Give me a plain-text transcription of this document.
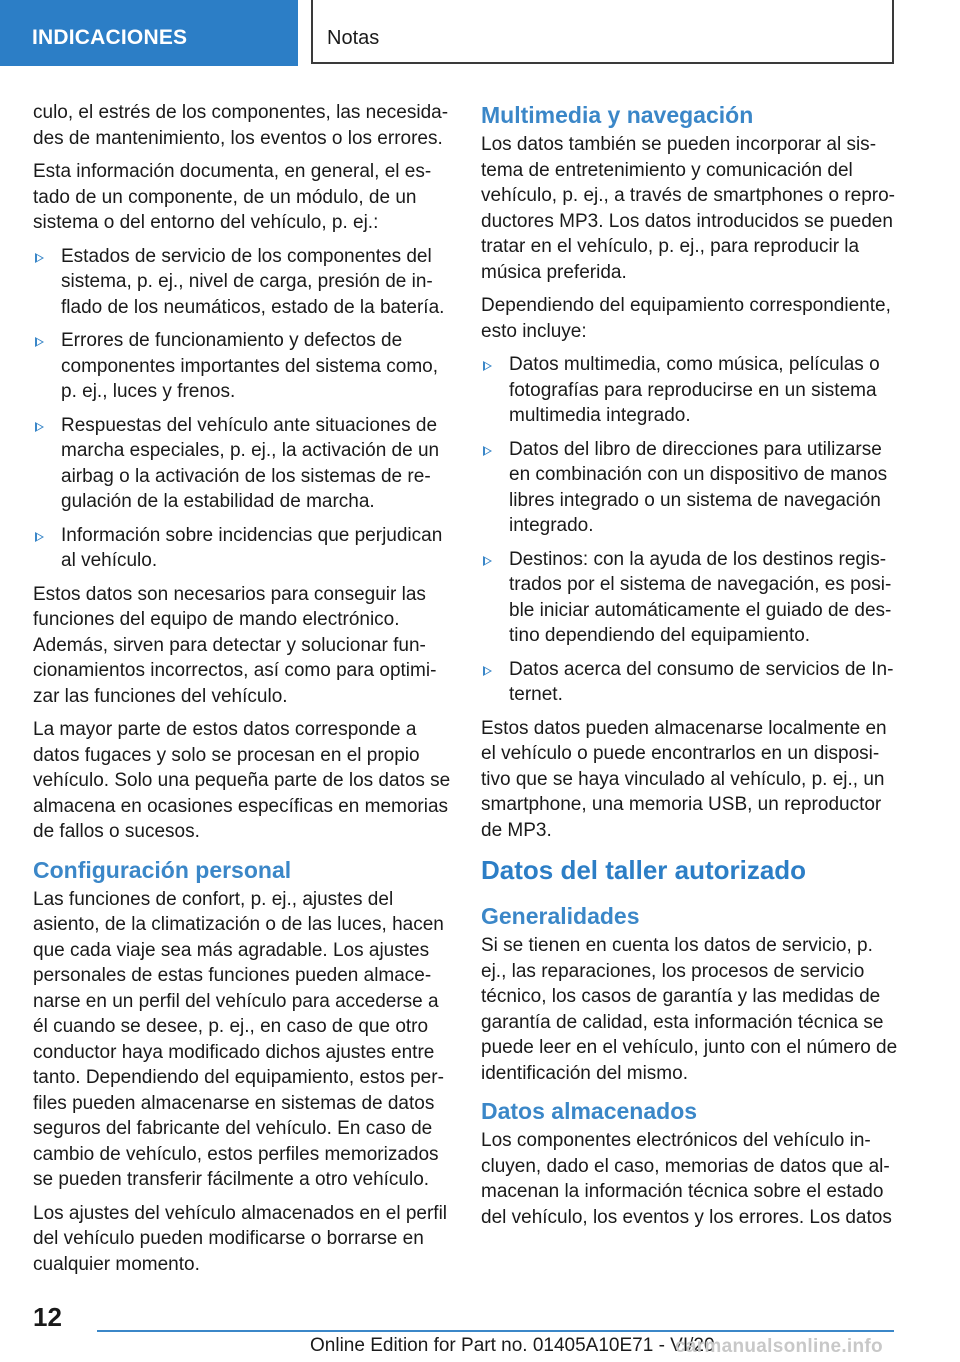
INDICACIONES	Notas

culo, el estrés de los componentes, las necesidades de mantenimiento, los eventos o los errores.

Esta información documenta, en general, el estado de un componente, de un módulo, de un sistema o del entorno del vehículo, p. ej.:

Estados de servicio de los componentes del sistema, p. ej., nivel de carga, presión de inflado de los neumáticos, estado de la batería.
Errores de funcionamiento y defectos de componentes importantes del sistema como, p. ej., luces y frenos.
Respuestas del vehículo ante situaciones de marcha especiales, p. ej., la activación de un airbag o la activación de los sistemas de regulación de la estabilidad de marcha.
Información sobre incidencias que perjudican al vehículo.

Estos datos son necesarios para conseguir las funciones del equipo de mando electrónico. Además, sirven para detectar y solucionar funcionamientos incorrectos, así como para optimizar las funciones del vehículo.

La mayor parte de estos datos corresponde a datos fugaces y solo se procesan en el propio vehículo. Solo una pequeña parte de los datos se almacena en ocasiones específicas en memorias de fallos o sucesos.

Configuración personal

Las funciones de confort, p. ej., ajustes del asiento, de la climatización o de las luces, hacen que cada viaje sea más agradable. Los ajustes personales de estas funciones pueden almacenarse en un perfil del vehículo para accederse a él cuando se desee, p. ej., en caso de que otro conductor haya modificado dichos ajustes entre tanto. Dependiendo del equipamiento, estos perfiles pueden almacenarse en sistemas de datos seguros del fabricante del vehículo. En caso de cambio de vehículo, estos perfiles memorizados se pueden transferir fácilmente a otro vehículo.

Los ajustes del vehículo almacenados en el perfil del vehículo pueden modificarse o borrarse en cualquier momento.

Multimedia y navegación

Los datos también se pueden incorporar al sistema de entretenimiento y comunicación del vehículo, p. ej., a través de smartphones o reproductores MP3. Los datos introducidos se pueden tratar en el vehículo, p. ej., para reproducir la música preferida.

Dependiendo del equipamiento correspondiente, esto incluye:

Datos multimedia, como música, películas o fotografías para reproducirse en un sistema multimedia integrado.
Datos del libro de direcciones para utilizarse en combinación con un dispositivo de manos libres integrado o un sistema de navegación integrado.
Destinos: con la ayuda de los destinos registrados por el sistema de navegación, es posible iniciar automáticamente el guiado de destino dependiendo del equipamiento.
Datos acerca del consumo de servicios de Internet.

Estos datos pueden almacenarse localmente en el vehículo o puede encontrarlos en un dispositivo que se haya vinculado al vehículo, p. ej., un smartphone, una memoria USB, un reproductor de MP3.

Datos del taller autorizado
Generalidades

Si se tienen en cuenta los datos de servicio, p. ej., las reparaciones, los procesos de servicio técnico, los casos de garantía y las medidas de garantía de calidad, esta información técnica se puede leer en el vehículo, junto con el número de identificación del mismo.

Datos almacenados

Los componentes electrónicos del vehículo incluyen, dado el caso, memorias de datos que almacenan la información técnica sobre el estado del vehículo, los eventos y los errores. Los datos

12
Online Edition for Part no. 01405A10E71 - VI/20
carmanualsonline.info
